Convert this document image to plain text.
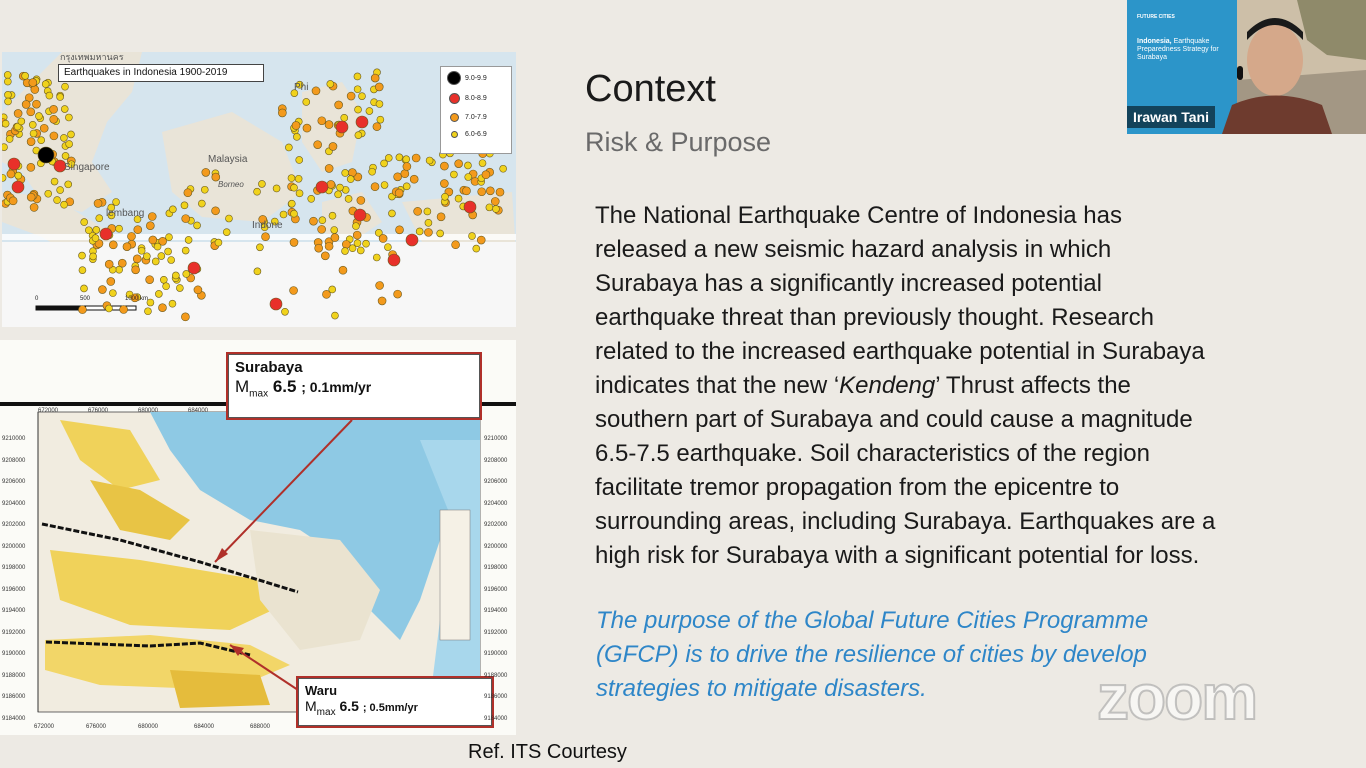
Earthquakes in Indonesia 1900-2019
กรุงเทพมหานคร
Singapore
Malaysia
Borneo
lembang
Indone
Phi
9.0-9.9
8.0-8.9
7.0-7.9
6.0-6.9
0	500	1000 km
Surabaya
$M_{max}$ 6.5 ; 0.1mm/yr
Waru
$M_{max}$ 6.5 ; 0.5mm/yr
672000	676000	680000	684000
672000	676000	680000	684000	688000
9210000
9208000
9206000
9204000
9202000
9200000
9198000
9196000
9194000
9192000
9190000
9188000
9186000
9184000
9210000
9208000
9206000
9204000
9202000
9200000
9198000
9196000
9194000
9192000
9190000
9188000
9186000
9184000
Context
Risk & Purpose
The National Earthquake Centre of Indonesia has
released a new seismic hazard analysis in which
Surabaya has a significantly increased potential
earthquake threat than previously thought. Research
related to the increased earthquake potential in Surabaya
indicates that the new ‘Kendeng’ Thrust affects the
southern part of Surabaya and could cause a magnitude
6.5-7.5 earthquake. Soil characteristics of the region
facilitate tremor propagation from the epicentre to
surrounding areas, including Surabaya. Earthquakes are a
high risk for Surabaya with a significant potential for loss.
The purpose of the Global Future Cities Programme
(GFCP) is to drive the resilience of cities by develop
strategies to mitigate disasters.
Ref. ITS Courtesy
zoom
FUTURE CITIES
Indonesia, Earthquake Preparedness Strategy for Surabaya
Irawan Tani
